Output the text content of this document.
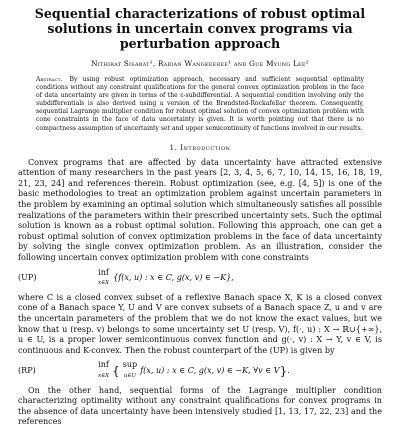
Sequential characterizations of robust optimal solutions in uncertain convex programs via perturbation approach
Nithirat Sisarat¹, Rabian Wangkeeree¹ and Gue Myung Lee²
Abstract. By using robust optimization approach, necessary and sufficient sequential optimality conditions without any constraint qualifications for the general convex optimization problem in the face of data uncertainty are given in terms of the ε-subdifferential. A sequential condition involving only the subdifferentials is also derived using a version of the Brøndsted-Rockafellar theorem. Consequently, sequential Lagrange multiplier condition for robust optimal solution of convex optimization problem with cone constraints in the face of data uncertainty is given. It is worth pointing out that there is no compactness assumption of uncertainty set and upper semicontinuity of functions involved in our results.
1. Introduction

Convex programs that are affected by data uncertainty have attracted extensive attention of many researchers in the past years [2, 3, 4, 5, 6, 7, 10, 14, 15, 16, 18, 19, 21, 23, 24] and references therein. Robust optimization (see, e.g. [4, 5]) is one of the basic methodologies to treat an optimization problem against uncertain parameters in the problem by examining an optimal solution which simultaneously satisfies all possible realizations of the parameters within their prescribed uncertainty sets. Such the optimal solution is known as a robust optimal solution. Following this approach, one can get a robust optimal solution of convex optimization problems in the face of data uncertainty by solving the single convex optimization problem. As an illustration, consider the following uncertain convex optimization problem with cone constraints

(UP)
inf
x∈X
{f(x, u) : x ∈ C, g(x, v) ∈ −K},

where C is a closed convex subset of a reflexive Banach space X, K is a closed convex cone of a Banach space Y, U and V are convex subsets of a Banach space Z, u and v are the uncertain parameters of the problem that we do not know the exact values, but we know that u (resp. v) belongs to some uncertainty set U (resp. V), f(·, u) : X → ℝ∪{+∞}, u ∈ U, is a proper lower semicontinuous convex function and g(·, v) : X → Y, v ∈ V, is continuous and K-convex. Then the robust counterpart of the (UP) is given by

(RP)
inf
x∈X { sup
u∈U
f(x, u) : x ∈ C, g(x, v) ∈ −K, ∀v ∈ V } .

On the other hand, sequential forms of the Lagrange multiplier condition characterizing optimality without any constraint qualifications for convex programs in the absence of data uncertainty have been intensively studied [1, 13, 17, 22, 23] and the references
